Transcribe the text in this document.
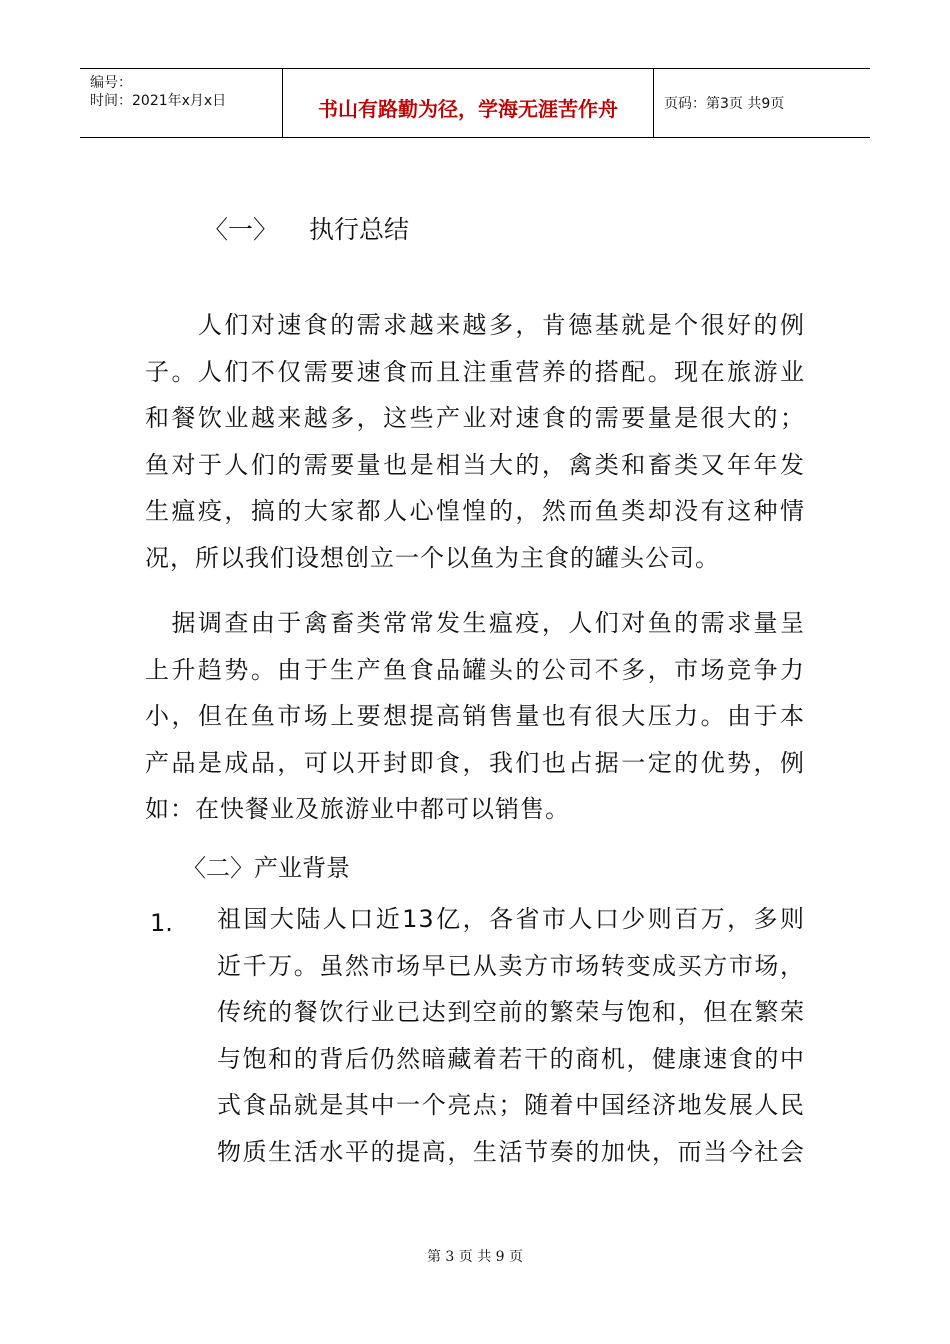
编号：
时间：2021年x月x日	书山有路勤为径，学海无涯苦作舟	页码：第3页 共9页
〈一〉 执行总结
　　人们对速食的需求越来越多，肯德基就是个很好的例
子。人们不仅需要速食而且注重营养的搭配。现在旅游业
和餐饮业越来越多，这些产业对速食的需要量是很大的；
鱼对于人们的需要量也是相当大的，禽类和畜类又年年发
生瘟疫，搞的大家都人心惶惶的，然而鱼类却没有这种情
况，所以我们设想创立一个以鱼为主食的罐头公司。
　据调查由于禽畜类常常发生瘟疫，人们对鱼的需求量呈
上升趋势。由于生产鱼食品罐头的公司不多，市场竞争力
小，但在鱼市场上要想提高销售量也有很大压力。由于本
产品是成品，可以开封即食，我们也占据一定的优势，例
如：在快餐业及旅游业中都可以销售。
〈二〉产业背景
1. 祖国大陆人口近13亿，各省市人口少则百万，多则
近千万。虽然市场早已从卖方市场转变成买方市场，
传统的餐饮行业已达到空前的繁荣与饱和，但在繁荣
与饱和的背后仍然暗藏着若干的商机，健康速食的中
式食品就是其中一个亮点；随着中国经济地发展人民
物质生活水平的提高，生活节奏的加快，而当今社会
第 3 页 共 9 页
